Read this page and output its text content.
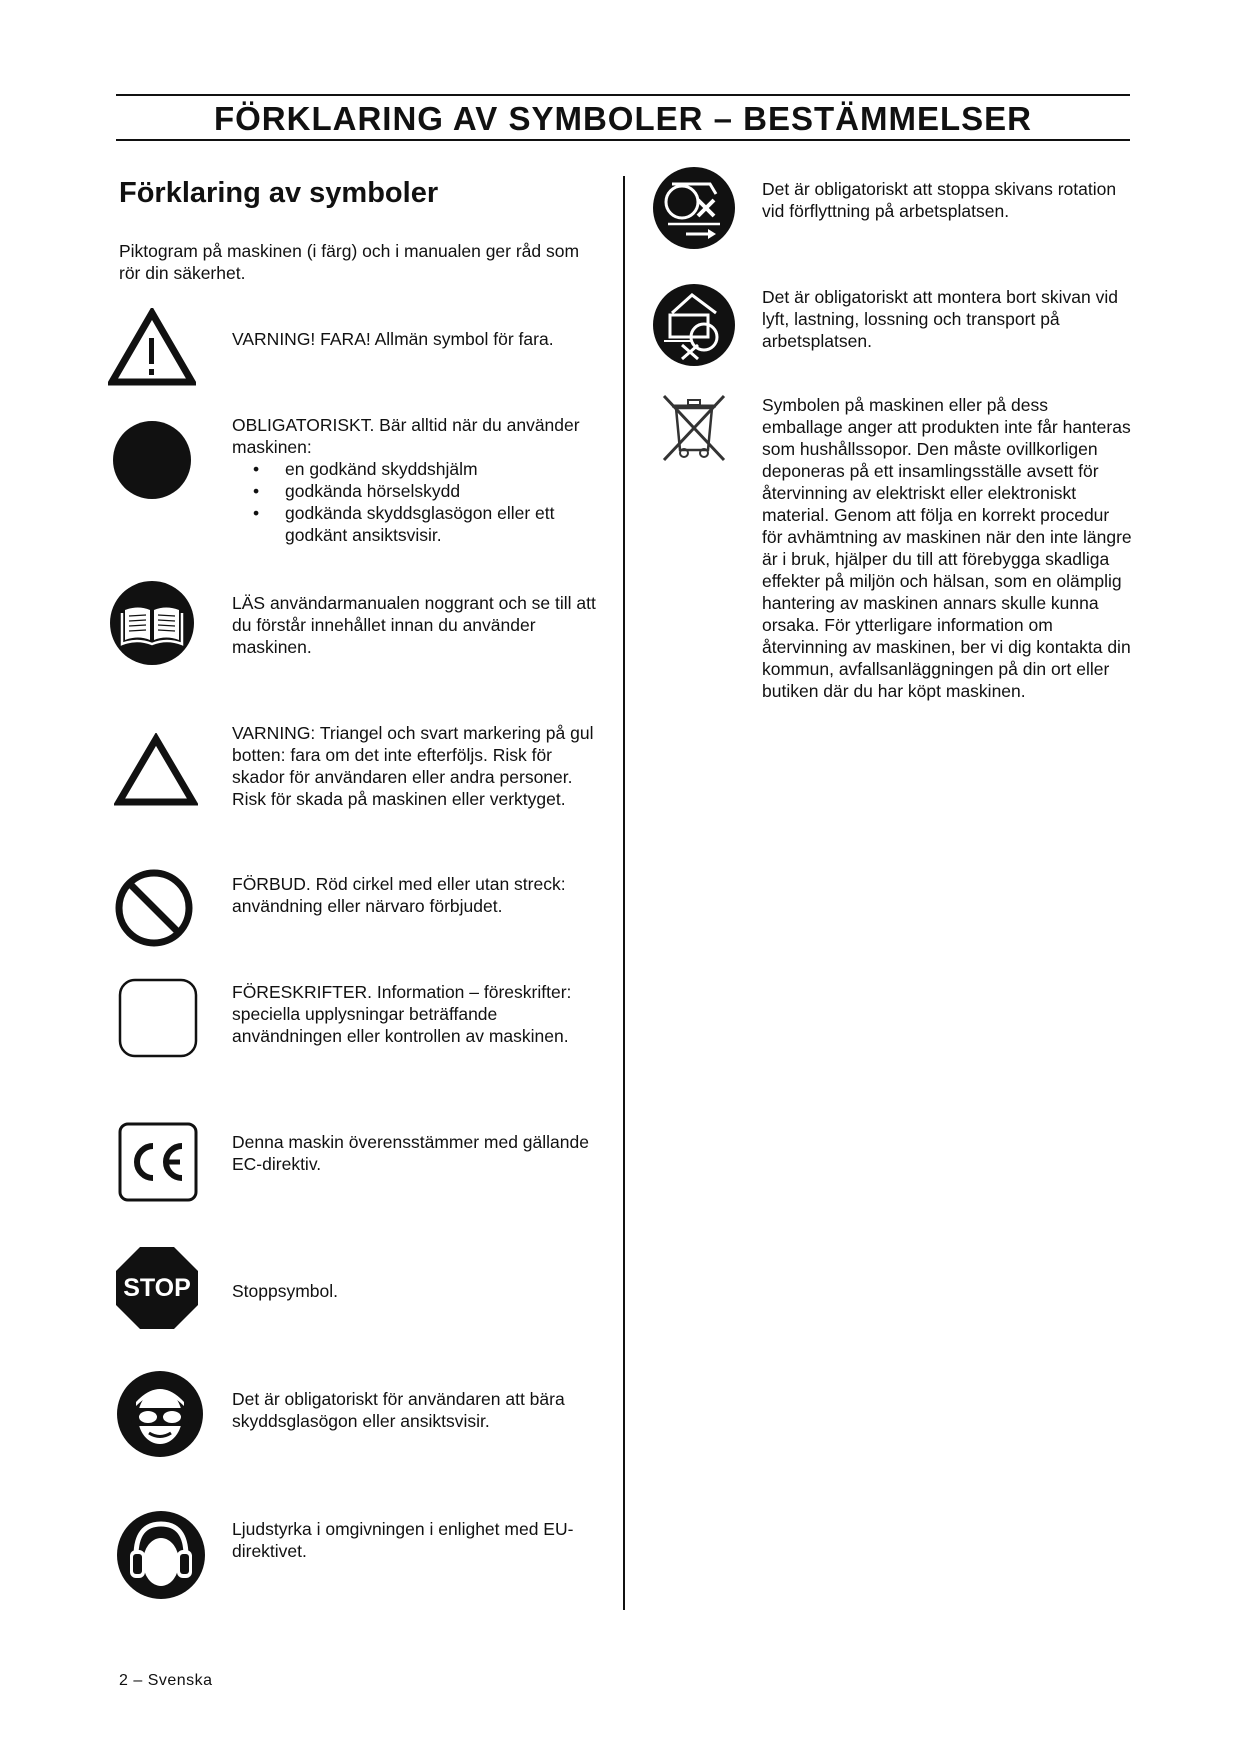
FÖRKLARING AV SYMBOLER – BESTÄMMELSER
Förklaring av symboler
Piktogram på maskinen (i färg) och i manualen ger råd som rör din säkerhet.
VARNING! FARA! Allmän symbol för fara.
OBLIGATORISKT. Bär alltid när du använder maskinen:
• en godkänd skyddshjälm
• godkända hörselskydd
• godkända skyddsglasögon eller ett godkänt ansiktsvisir.
LÄS användarmanualen noggrant och se till att du förstår innehållet innan du använder maskinen.
VARNING: Triangel och svart markering på gul botten: fara om det inte efterföljs. Risk för skador för användaren eller andra personer. Risk för skada på maskinen eller verktyget.
FÖRBUD. Röd cirkel med eller utan streck: användning eller närvaro förbjudet.
FÖRESKRIFTER. Information – föreskrifter: speciella upplysningar beträffande användningen eller kontrollen av maskinen.
Denna maskin överensstämmer med gällande EC-direktiv.
STOP	Stoppsymbol.
Det är obligatoriskt för användaren att bära skyddsglasögon eller ansiktsvisir.
Ljudstyrka i omgivningen i enlighet med EU-direktivet.
Det är obligatoriskt att stoppa skivans rotation vid förflyttning på arbetsplatsen.
Det är obligatoriskt att montera bort skivan vid lyft, lastning, lossning och transport på arbetsplatsen.
Symbolen på maskinen eller på dess emballage anger att produkten inte får hanteras som hushållssopor. Den måste ovillkorligen deponeras på ett insamlingsställe avsett för återvinning av elektriskt eller elektroniskt material. Genom att följa en korrekt procedur för avhämtning av maskinen när den inte längre är i bruk, hjälper du till att förebygga skadliga effekter på miljön och hälsan, som en olämplig hantering av maskinen annars skulle kunna orsaka. För ytterligare information om återvinning av maskinen, ber vi dig kontakta din kommun, avfallsanläggningen på din ort eller butiken där du har köpt maskinen.
2 – Svenska
